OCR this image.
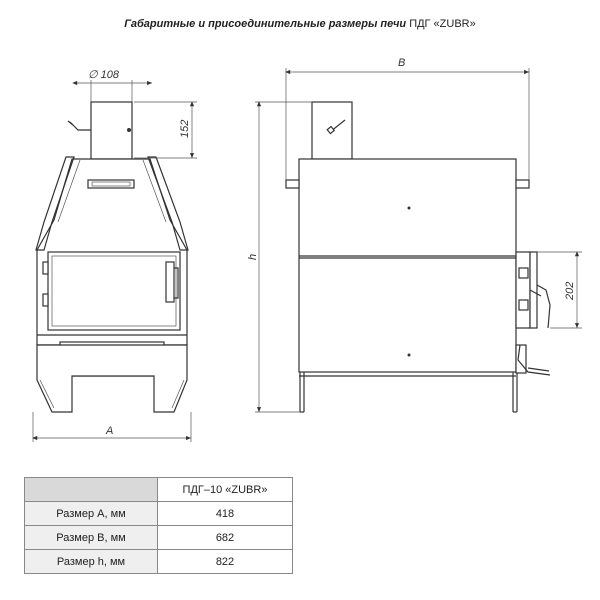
Габаритные и присоединительные размеры печи ПДГ «ZUBR»
∅ 108
152
A
B
h
202
	ПДГ–10 «ZUBR»
Размер A, мм	418
Размер B, мм	682
Размер h, мм	822
